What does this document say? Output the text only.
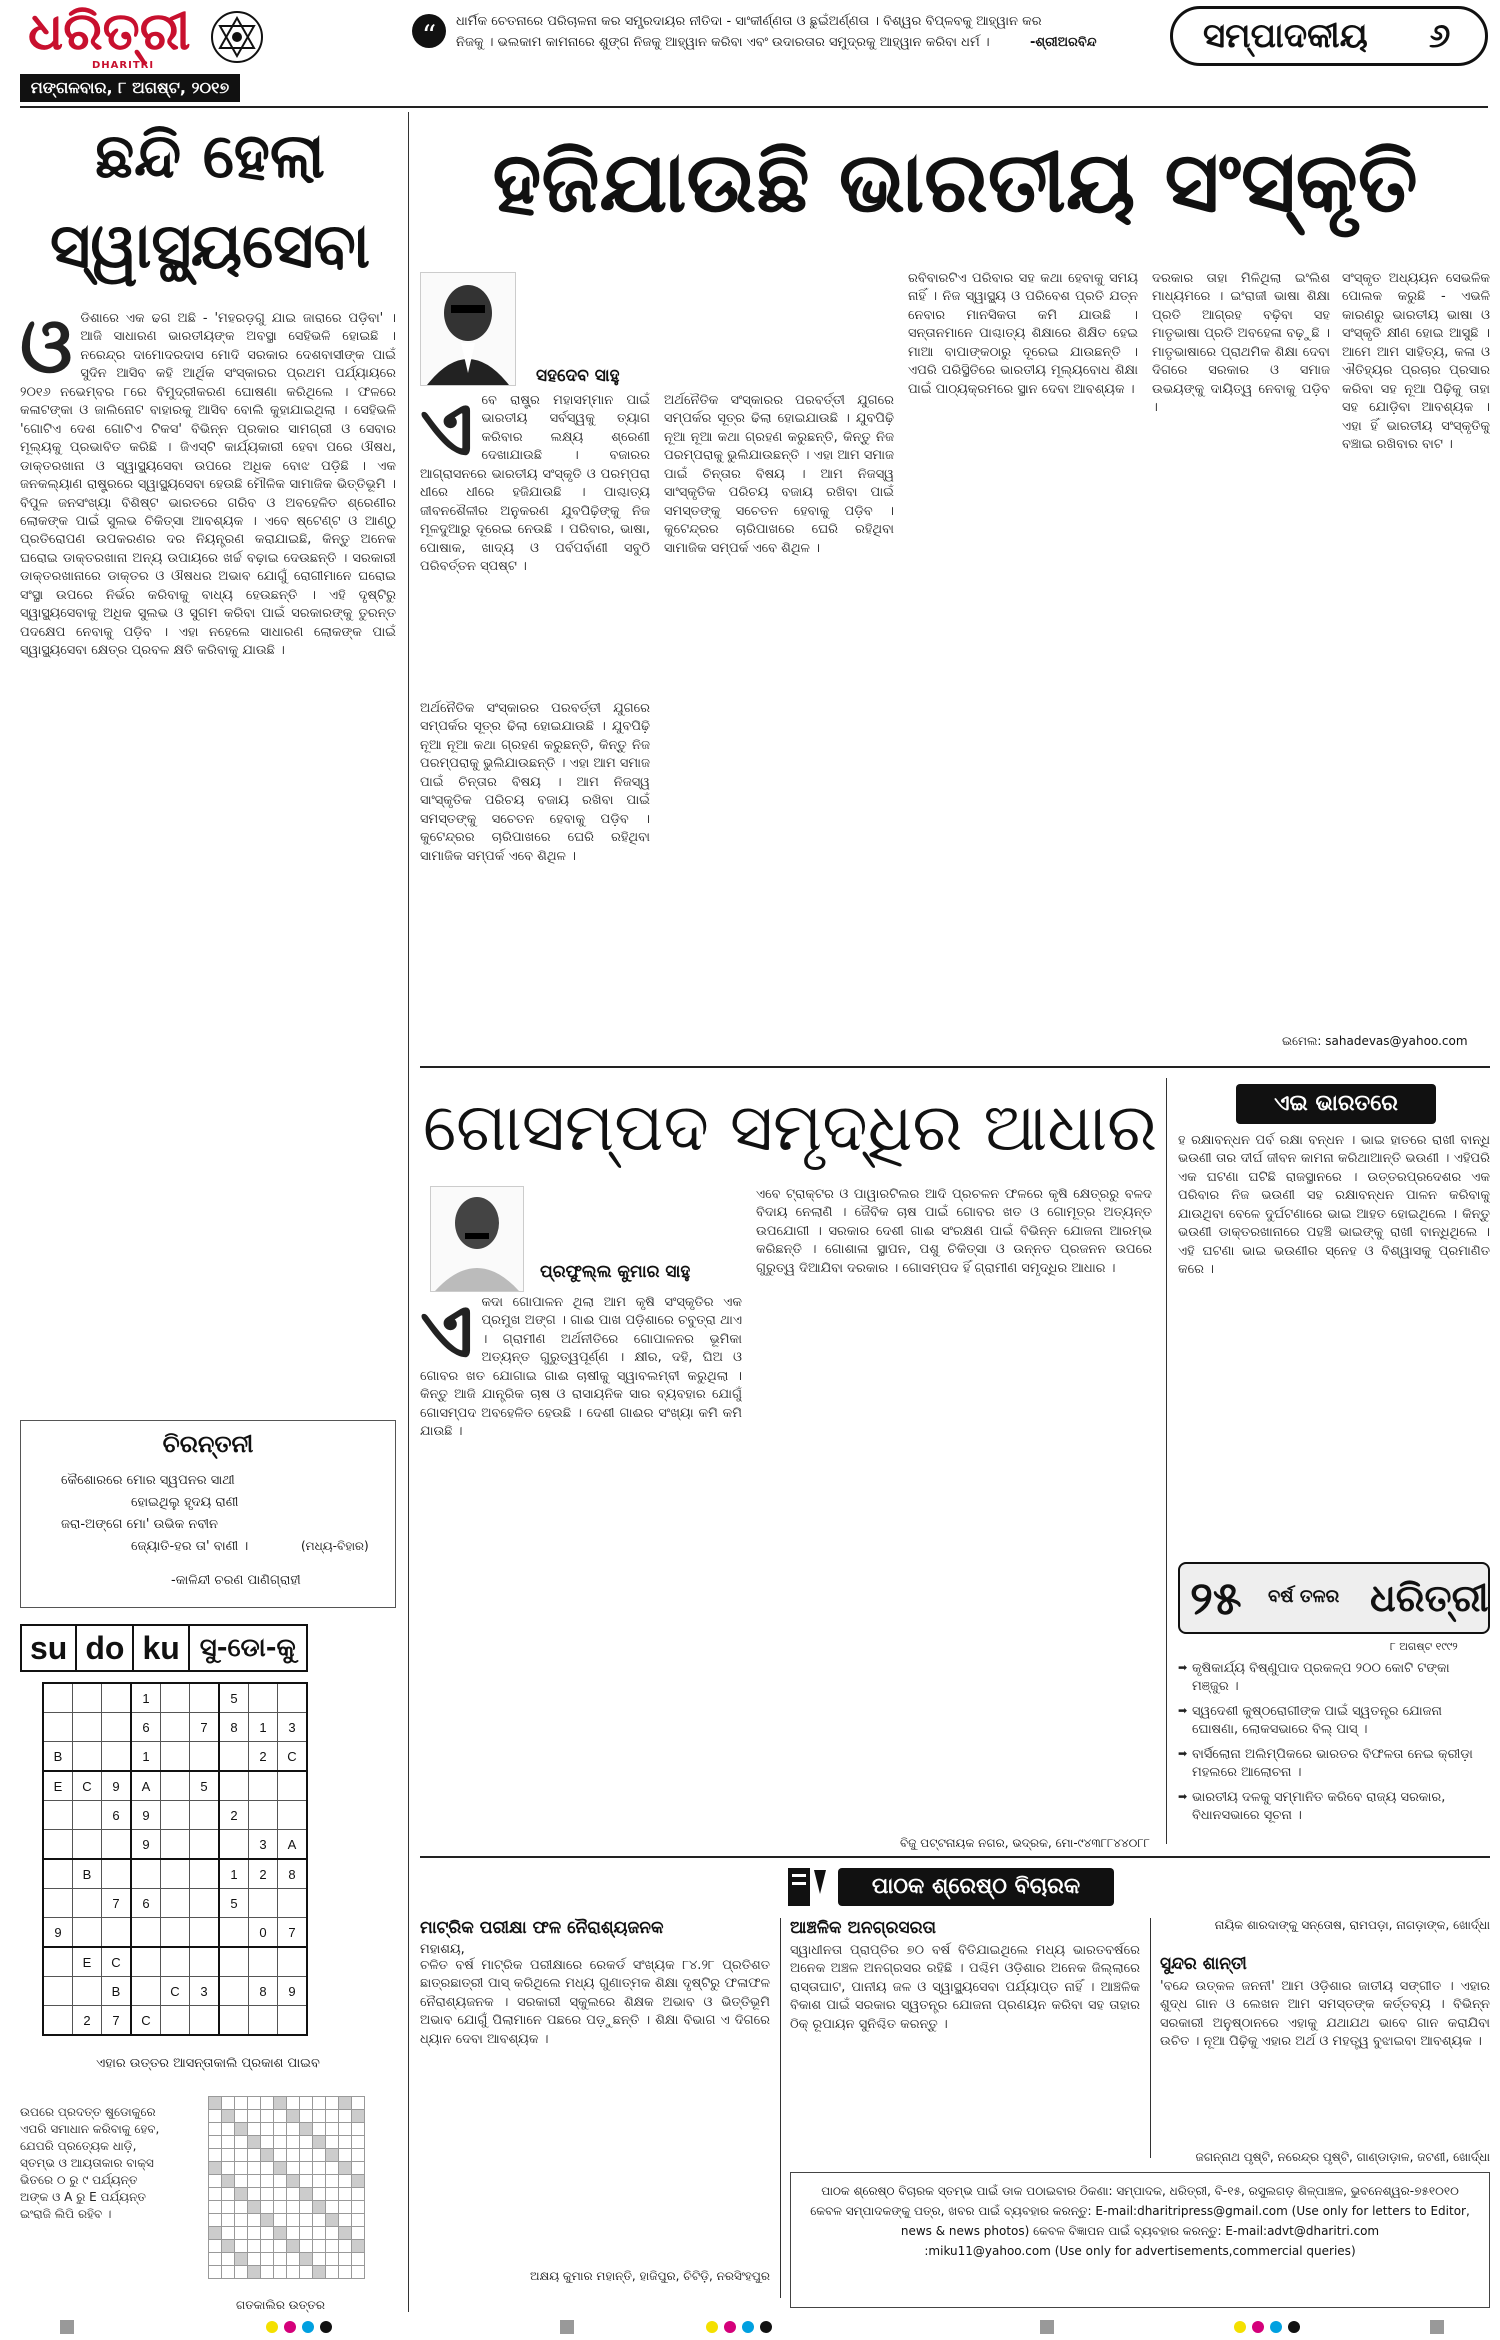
ଧରିତ୍ରୀ
DHARITRI
ମଙ୍ଗଳବାର, ୮ ଅଗଷ୍ଟ, ୨୦୧୭
“	ଧାର୍ମିକ ଚେତନାରେ ପରିଚାଳନା କର ସମ୍ପ୍ରଦାୟର ନୀତିଦା - ସାଂକୀର୍ଣ୍ଣତା ଓ ଛୁଇଁଅର୍ଣ୍ଣତା । ବିଶ୍ୱର ବିପ୍ଳବକୁ ଆହ୍ୱାନ କର
ନିଜକୁ । ଭଲକାମ କାମନାରେ ଶୁଙ୍ଗ ନିଜକୁ ଆହ୍ୱାନ କରିବା ଏବଂ ଉଦାରତାର ସମୁଦ୍ରକୁ ଆହ୍ୱାନ କରିବା ଧର୍ମ ।	-ଶ୍ରୀଅରବିନ୍ଦ	ସମ୍ପାଦକୀୟ ୬
ଛନ୍ଦି ହେଲା
ସ୍ୱାସ୍ଥ୍ୟସେବା
ଓ ଡିଶାରେ ଏକ ଢଗ ଅଛି - 'ମହରଡ଼ଗୁ ଯାଇ ଜାରାରେ ପଡ଼ିବା' । ଆଜି ସାଧାରଣ ଭାରତୀୟଙ୍କ ଅବସ୍ଥା ସେହିଭଳି ହୋଇଛି । ନରେନ୍ଦ୍ର ଦାମୋଦରଦାସ ମୋଦି ସରକାର ଦେଶବାସୀଙ୍କ ପାଇଁ ସୁଦିନ ଆସିବ କହି ଆର୍ଥିକ ସଂସ୍କାରର ପ୍ରଥମ ପର୍ଯ୍ୟାୟରେ ୨୦୧୬ ନଭେମ୍ବର ୮ରେ ବିମୁଦ୍ରୀକରଣ ଘୋଷଣା କରିଥିଲେ । ଫଳରେ କଳାଟଙ୍କା ଓ ଜାଲିନୋଟ ବାହାରକୁ ଆସିବ ବୋଲି କୁହାଯାଇଥିଲା । ସେହିଭଳି 'ଗୋଟିଏ ଦେଶ ଗୋଟିଏ ଟିକସ' ବିଭିନ୍ନ ପ୍ରକାର ସାମଗ୍ରୀ ଓ ସେବାର ମୂଲ୍ୟକୁ ପ୍ରଭାବିତ କରିଛି । ଜିଏସ୍ଟି କାର୍ଯ୍ୟକାରୀ ହେବା ପରେ ଔଷଧ, ଡାକ୍ତରଖାନା ଓ ସ୍ୱାସ୍ଥ୍ୟସେବା ଉପରେ ଅଧିକ ବୋଝ ପଡ଼ିଛି । ଏକ ଜନକଲ୍ୟାଣ ରାଷ୍ଟ୍ରରେ ସ୍ୱାସ୍ଥ୍ୟସେବା ହେଉଛି ମୌଳିକ ସାମାଜିକ ଭିତ୍ତିଭୂମି । ବିପୁଳ ଜନସଂଖ୍ୟା ବିଶିଷ୍ଟ ଭାରତରେ ଗରିବ ଓ ଅବହେଳିତ ଶ୍ରେଣୀର ଲୋକଙ୍କ ପାଇଁ ସୁଲଭ ଚିକିତ୍ସା ଆବଶ୍ୟକ । ଏବେ ଷ୍ଟେଣ୍ଟ ଓ ଆଣ୍ଠୁ ପ୍ରତିରୋପଣ ଉପକରଣର ଦର ନିୟନ୍ତ୍ରଣ କରାଯାଇଛି, କିନ୍ତୁ ଅନେକ ଘରୋଇ ଡାକ୍ତରଖାନା ଅନ୍ୟ ଉପାୟରେ ଖର୍ଚ୍ଚ ବଢ଼ାଇ ଦେଉଛନ୍ତି । ସରକାରୀ ଡାକ୍ତରଖାନାରେ ଡାକ୍ତର ଓ ଔଷଧର ଅଭାବ ଯୋଗୁଁ ରୋଗୀମାନେ ଘରୋଇ ସଂସ୍ଥା ଉପରେ ନିର୍ଭର କରିବାକୁ ବାଧ୍ୟ ହେଉଛନ୍ତି । ଏହି ଦୃଷ୍ଟିରୁ ସ୍ୱାସ୍ଥ୍ୟସେବାକୁ ଅଧିକ ସୁଲଭ ଓ ସୁଗମ କରିବା ପାଇଁ ସରକାରଙ୍କୁ ତୁରନ୍ତ ପଦକ୍ଷେପ ନେବାକୁ ପଡ଼ିବ । ଏହା ନହେଲେ ସାଧାରଣ ଲୋକଙ୍କ ପାଇଁ ସ୍ୱାସ୍ଥ୍ୟସେବା କ୍ଷେତ୍ର ପ୍ରବଳ କ୍ଷତି କରିବାକୁ ଯାଉଛି ।
ଚିରନ୍ତନୀ
କୈଶୋରରେ ମୋର ସ୍ୱପନର ସାଥୀ
ହୋଇଥିଲୁ ହୃଦୟ ରାଣୀ
ଜରା-ଅଙ୍ଗେ ମୋ' ଉଭିକ ନବୀନ
ଜ୍ୟୋତି-ହର ତା' ବାଣୀ ।	(ମଧ୍ୟ-ବିହାର)
-କାଳିନ୍ଦୀ ଚରଣ ପାଣିଗ୍ରାହୀ
su do ku ସୁ-ଡୋ-କୁ
			1			5		
			6		7	8	1	3
B			1				2	C
E	C	9	A		5			
		6	9			2		
			9				3	A
	B					1	2	8
		7	6			5		
9							0	7
	E	C						
		B		C	3		8	9
	2	7	C					
ଏହାର ଉତ୍ତର ଆସନ୍ତାକାଲି ପ୍ରକାଶ ପାଇବ
ଉପରେ ପ୍ରଦତ୍ତ ଷୁଡୋକୁରେ ଏପରି ସମାଧାନ କରିବାକୁ ହେବ, ଯେପରି ପ୍ରତ୍ୟେକ ଧାଡ଼ି, ସ୍ତମ୍ଭ ଓ ଆୟତାକାର ବାକ୍ସ ଭିତରେ ୦ ରୁ ୯ ପର୍ଯ୍ୟନ୍ତ ଅଙ୍କ ଓ A ରୁ E ପର୍ଯ୍ୟନ୍ତ ଇଂରାଜି ଲିପି ରହିବ ।

ଗତକାଲିର ଉତ୍ତର
ହଜିଯାଉଛି ଭାରତୀୟ ସଂସ୍କୃତି
ସହଦେବ ସାହୁ
ଏ ବେ ରାଷ୍ଟ୍ର ମହାସମ୍ମାନ ପାଇଁ ଭାରତୀୟ ସର୍ବସ୍ୱକୁ ତ୍ୟାଗ କରିବାର ଲକ୍ଷ୍ୟ ଶ୍ରେଣୀ ଦେଖାଯାଉଛି । ବଜାରର ଆଗ୍ରାସନରେ ଭାରତୀୟ ସଂସ୍କୃତି ଓ ପରମ୍ପରା ଧୀରେ ଧୀରେ ହଜିଯାଉଛି । ପାଶ୍ଚାତ୍ୟ ଜୀବନଶୈଳୀର ଅନୁକରଣ ଯୁବପିଢ଼ିଙ୍କୁ ନିଜ ମୂଳଦୁଆରୁ ଦୂରେଇ ନେଉଛି । ପରିବାର, ଭାଷା, ପୋଷାକ, ଖାଦ୍ୟ ଓ ପର୍ବପର୍ବାଣୀ ସବୁଠି ପରିବର୍ତ୍ତନ ସ୍ପଷ୍ଟ ।
ଅର୍ଥନୈତିକ ସଂସ୍କାରର ପରବର୍ତ୍ତୀ ଯୁଗରେ ସମ୍ପର୍କର ସୂତ୍ର ଢିଲା ହୋଇଯାଉଛି । ଯୁବପିଢ଼ି ନୂଆ ନୂଆ କଥା ଗ୍ରହଣ କରୁଛନ୍ତି, କିନ୍ତୁ ନିଜ ପରମ୍ପରାକୁ ଭୁଲିଯାଉଛନ୍ତି । ଏହା ଆମ ସମାଜ ପାଇଁ ଚିନ୍ତାର ବିଷୟ । ଆମ ନିଜସ୍ୱ ସାଂସ୍କୃତିକ ପରିଚୟ ବଜାୟ ରଖିବା ପାଇଁ ସମସ୍ତଙ୍କୁ ସଚେତନ ହେବାକୁ ପଡ଼ିବ । କୁଟେନ୍ଦ୍ରର ଚାରିପାଖରେ ଘେରି ରହିଥିବା ସାମାଜିକ ସମ୍ପର୍କ ଏବେ ଶିଥିଳ ।
ଅର୍ଥନୈତିକ ସଂସ୍କାରର ପରବର୍ତ୍ତୀ ଯୁଗରେ ସମ୍ପର୍କର ସୂତ୍ର ଢିଲା ହୋଇଯାଉଛି । ଯୁବପିଢ଼ି ନୂଆ ନୂଆ କଥା ଗ୍ରହଣ କରୁଛନ୍ତି, କିନ୍ତୁ ନିଜ ପରମ୍ପରାକୁ ଭୁଲିଯାଉଛନ୍ତି । ଏହା ଆମ ସମାଜ ପାଇଁ ଚିନ୍ତାର ବିଷୟ । ଆମ ନିଜସ୍ୱ ସାଂସ୍କୃତିକ ପରିଚୟ ବଜାୟ ରଖିବା ପାଇଁ ସମସ୍ତଙ୍କୁ ସଚେତନ ହେବାକୁ ପଡ଼ିବ । କୁଟେନ୍ଦ୍ରର ଚାରିପାଖରେ ଘେରି ରହିଥିବା ସାମାଜିକ ସମ୍ପର୍କ ଏବେ ଶିଥିଳ ।
ରବିବାରଟିଏ ପରିବାର ସହ କଥା ହେବାକୁ ସମୟ ନାହିଁ । ନିଜ ସ୍ୱାସ୍ଥ୍ୟ ଓ ପରିବେଶ ପ୍ରତି ଯତ୍ନ ନେବାର ମାନସିକତା କମି ଯାଉଛି । ସନ୍ତାନମାନେ ପାଶ୍ଚାତ୍ୟ ଶିକ୍ଷାରେ ଶିକ୍ଷିତ ହେଇ ମାଆ ବାପାଙ୍କଠାରୁ ଦୂରେଇ ଯାଉଛନ୍ତି । ଏପରି ପରିସ୍ଥିତିରେ ଭାରତୀୟ ମୂଲ୍ୟବୋଧ ଶିକ୍ଷା ପାଇଁ ପାଠ୍ୟକ୍ରମରେ ସ୍ଥାନ ଦେବା ଆବଶ୍ୟକ ।
ଦରକାର ତାହା ମିଳିଥିଲା ଇଂଲିଶ ମାଧ୍ୟମରେ । ଇଂରାଜୀ ଭାଷା ଶିକ୍ଷା ପ୍ରତି ଆଗ୍ରହ ବଢ଼ିବା ସହ ମାତୃଭାଷା ପ୍ରତି ଅବହେଳା ବଢ଼ୁଛି । ମାତୃଭାଷାରେ ପ୍ରାଥମିକ ଶିକ୍ଷା ଦେବା ଦିଗରେ ସରକାର ଓ ସମାଜ ଉଭୟଙ୍କୁ ଦାୟିତ୍ୱ ନେବାକୁ ପଡ଼ିବ ।
ସଂସ୍କୃତ ଅଧ୍ୟୟନ ସେଭଳିକ ପୋଲକ କରୁଛି - ଏଭଳି କାରଣରୁ ଭାରତୀୟ ଭାଷା ଓ ସଂସ୍କୃତି କ୍ଷୀଣ ହୋଇ ଆସୁଛି । ଆମେ ଆମ ସାହିତ୍ୟ, କଳା ଓ ଐତିହ୍ୟର ପ୍ରଚାର ପ୍ରସାର କରିବା ସହ ନୂଆ ପିଢ଼ିକୁ ତାହା ସହ ଯୋଡ଼ିବା ଆବଶ୍ୟକ । ଏହା ହିଁ ଭାରତୀୟ ସଂସ୍କୃତିକୁ ବଞ୍ଚାଇ ରଖିବାର ବାଟ ।
ଇମେଲ: sahadevas@yahoo.com
ଗୋସମ୍ପଦ ସମୃଦ୍ଧିର ଆଧାର
ପ୍ରଫୁଲ୍ଲ କୁମାର ସାହୁ
ଏ କଦା ଗୋପାଳନ ଥିଲା ଆମ କୃଷି ସଂସ୍କୃତିର ଏକ ପ୍ରମୁଖ ଅଙ୍ଗ । ଗାଈ ପାଖ ପଡ଼ିଶାରେ ଚବୁତ୍ରା ଥାଏ । ଗ୍ରାମୀଣ ଅର୍ଥନୀତିରେ ଗୋପାଳନର ଭୂମିକା ଅତ୍ୟନ୍ତ ଗୁରୁତ୍ୱପୂର୍ଣ୍ଣ । କ୍ଷୀର, ଦହି, ଘିଅ ଓ ଗୋବର ଖତ ଯୋଗାଇ ଗାଈ ଚାଷୀକୁ ସ୍ୱାବଲମ୍ବୀ କରୁଥିଲା । କିନ୍ତୁ ଆଜି ଯାନ୍ତ୍ରିକ ଚାଷ ଓ ରାସାୟନିକ ସାର ବ୍ୟବହାର ଯୋଗୁଁ ଗୋସମ୍ପଦ ଅବହେଳିତ ହେଉଛି । ଦେଶୀ ଗାଈର ସଂଖ୍ୟା କମି କମି ଯାଉଛି ।
ଏବେ ଟ୍ରାକ୍ଟର ଓ ପାୱାରଟିଲର ଆଦି ପ୍ରଚଳନ ଫଳରେ କୃଷି କ୍ଷେତ୍ରରୁ ବଳଦ ବିଦାୟ ନେଲାଣି । ଜୈବିକ ଚାଷ ପାଇଁ ଗୋବର ଖତ ଓ ଗୋମୂତ୍ର ଅତ୍ୟନ୍ତ ଉପଯୋଗୀ । ସରକାର ଦେଶୀ ଗାଈ ସଂରକ୍ଷଣ ପାଇଁ ବିଭିନ୍ନ ଯୋଜନା ଆରମ୍ଭ କରିଛନ୍ତି । ଗୋଶାଳା ସ୍ଥାପନ, ପଶୁ ଚିକିତ୍ସା ଓ ଉନ୍ନତ ପ୍ରଜନନ ଉପରେ ଗୁରୁତ୍ୱ ଦିଆଯିବା ଦରକାର । ଗୋସମ୍ପଦ ହିଁ ଗ୍ରାମୀଣ ସମୃଦ୍ଧିର ଆଧାର ।
ବିଜୁ ପଟ୍ଟନାୟକ ନଗର, ଭଦ୍ରକ, ମୋ-୯୪୩୮୮୪୪୦୮୮
ଏଇ ଭାରତରେ
ହ ରକ୍ଷାବନ୍ଧନ ପର୍ବ ରକ୍ଷା ବନ୍ଧନ । ଭାଇ ହାତରେ ରାଖୀ ବାନ୍ଧି ଭଉଣୀ ତାର ଦୀର୍ଘ ଜୀବନ କାମନା କରିଥାଆନ୍ତି ଭଉଣୀ । ଏହିପରି ଏକ ଘଟଣା ଘଟିଛି ରାଜସ୍ଥାନରେ । ଉତ୍ତରପ୍ରଦେଶର ଏକ ପରିବାର ନିଜ ଭଉଣୀ ସହ ରକ୍ଷାବନ୍ଧନ ପାଳନ କରିବାକୁ ଯାଉଥିବା ବେଳେ ଦୁର୍ଘଟଣାରେ ଭାଇ ଆହତ ହୋଇଥିଲେ । କିନ୍ତୁ ଭଉଣୀ ଡାକ୍ତରଖାନାରେ ପହଞ୍ଚି ଭାଇଙ୍କୁ ରାଖୀ ବାନ୍ଧିଥିଲେ । ଏହି ଘଟଣା ଭାଇ ଭଉଣୀର ସ୍ନେହ ଓ ବିଶ୍ୱାସକୁ ପ୍ରମାଣିତ କରେ ।
୨୫ ବର୍ଷ ତଳର ଧରିତ୍ରୀ
୮ ଅଗଷ୍ଟ ୧୯୯୨

➡ କୃଷିକାର୍ଯ୍ୟ ବିଷ୍ଣୁପାଦ ପ୍ରକଳ୍ପ ୨୦୦ କୋଟି ଟଙ୍କା ମଞ୍ଜୁର ।

➡ ସ୍ୱଦେଶୀ କୁଷ୍ଠରୋଗୀଙ୍କ ପାଇଁ ସ୍ୱତନ୍ତ୍ର ଯୋଜନା ଘୋଷଣା, ଲୋକସଭାରେ ବିଲ୍ ପାସ୍ ।

➡ ବାର୍ସିଲୋନା ଅଲିମ୍ପିକରେ ଭାରତର ବିଫଳତା ନେଇ କ୍ରୀଡ଼ା ମହଲରେ ଆଲୋଚନା ।

➡ ଭାରତୀୟ ଦଳକୁ ସମ୍ମାନିତ କରିବେ ରାଜ୍ୟ ସରକାର, ବିଧାନସଭାରେ ସୂଚନା ।

ପାଠକ ଶ୍ରେଷ୍ଠ ବିଚାରକ
ମାଟ୍ରିକ ପରୀକ୍ଷା ଫଳ ନୈରାଶ୍ୟଜନକ
ମହାଶୟ,
ଚଳିତ ବର୍ଷ ମାଟ୍ରିକ ପରୀକ୍ଷାରେ ରେକର୍ଡ ସଂଖ୍ୟକ ୮୪.୨୮ ପ୍ରତିଶତ ଛାତ୍ରଛାତ୍ରୀ ପାସ୍ କରିଥିଲେ ମଧ୍ୟ ଗୁଣାତ୍ମକ ଶିକ୍ଷା ଦୃଷ୍ଟିରୁ ଫଳାଫଳ ନୈରାଶ୍ୟଜନକ । ସରକାରୀ ସ୍କୁଲରେ ଶିକ୍ଷକ ଅଭାବ ଓ ଭିତ୍ତିଭୂମି ଅଭାବ ଯୋଗୁଁ ପିଲାମାନେ ପଛରେ ପଡ଼ୁଛନ୍ତି । ଶିକ୍ଷା ବିଭାଗ ଏ ଦିଗରେ ଧ୍ୟାନ ଦେବା ଆବଶ୍ୟକ ।
ଅକ୍ଷୟ କୁମାର ମହାନ୍ତି, ହାଜିପୁର, ଚିଟିଡ଼ି, ନରସିଂହପୁର
ଆଞ୍ଚଳିକ ଅନଗ୍ରସରତା
ସ୍ୱାଧୀନତା ପ୍ରାପ୍ତିର ୭୦ ବର୍ଷ ବିତିଯାଇଥିଲେ ମଧ୍ୟ ଭାରତବର୍ଷରେ ଅନେକ ଅଞ୍ଚଳ ଅନଗ୍ରସର ରହିଛି । ପଶ୍ଚିମ ଓଡ଼ିଶାର ଅନେକ ଜିଲ୍ଲାରେ ରାସ୍ତାଘାଟ, ପାନୀୟ ଜଳ ଓ ସ୍ୱାସ୍ଥ୍ୟସେବା ପର୍ଯ୍ୟାପ୍ତ ନାହିଁ । ଆଞ୍ଚଳିକ ବିକାଶ ପାଇଁ ସରକାର ସ୍ୱତନ୍ତ୍ର ଯୋଜନା ପ୍ରଣୟନ କରିବା ସହ ତାହାର ଠିକ୍ ରୂପାୟନ ସୁନିଶ୍ଚିତ କରନ୍ତୁ ।
ନାୟିକ ଶାରଦାଙ୍କୁ ସନ୍ତୋଷ, ରାମପଡ଼ା, ନାଗଡ଼ାଙ୍କ, ଖୋର୍ଦ୍ଧା
ସୁନ୍ଦର ଶାନ୍ତୀ
'ବନ୍ଦେ ଉତ୍କଳ ଜନନୀ' ଆମ ଓଡ଼ିଶାର ଜାତୀୟ ସଙ୍ଗୀତ । ଏହାର ଶୁଦ୍ଧ ଗାନ ଓ ଲେଖନ ଆମ ସମସ୍ତଙ୍କ କର୍ତ୍ତବ୍ୟ । ବିଭିନ୍ନ ସରକାରୀ ଅନୁଷ୍ଠାନରେ ଏହାକୁ ଯଥାଯଥ ଭାବେ ଗାନ କରାଯିବା ଉଚିତ । ନୂଆ ପିଢ଼ିକୁ ଏହାର ଅର୍ଥ ଓ ମହତ୍ତ୍ୱ ବୁଝାଇବା ଆବଶ୍ୟକ ।
ଜଗନ୍ନାଥ ପୃଷ୍ଟି, ନରେନ୍ଦ୍ର ପୃଷ୍ଟି, ଗାଣ୍ଡାଡ଼ାଳ, ଜଟଣୀ, ଖୋର୍ଦ୍ଧା
ପାଠକ ଶ୍ରେଷ୍ଠ ବିଚାରକ ସ୍ତମ୍ଭ ପାଇଁ ଡାକ ପଠାଇବାର ଠିକଣା: ସମ୍ପାଦକ, ଧରିତ୍ରୀ, ବି-୧୫, ରସୁଲଗଡ଼ ଶିଳ୍ପାଞ୍ଚଳ, ଭୁବନେଶ୍ୱର-୭୫୧୦୧୦
କେବଳ ସମ୍ପାଦକଙ୍କୁ ପତ୍ର, ଖବର ପାଇଁ ବ୍ୟବହାର କରନ୍ତୁ: E-mail:dharitripress@gmail.com (Use only for letters to Editor,
news & news photos) କେବଳ ବିଜ୍ଞାପନ ପାଇଁ ବ୍ୟବହାର କରନ୍ତୁ: E-mail:advt@dharitri.com
:miku11@yahoo.com (Use only for advertisements,commercial queries)
